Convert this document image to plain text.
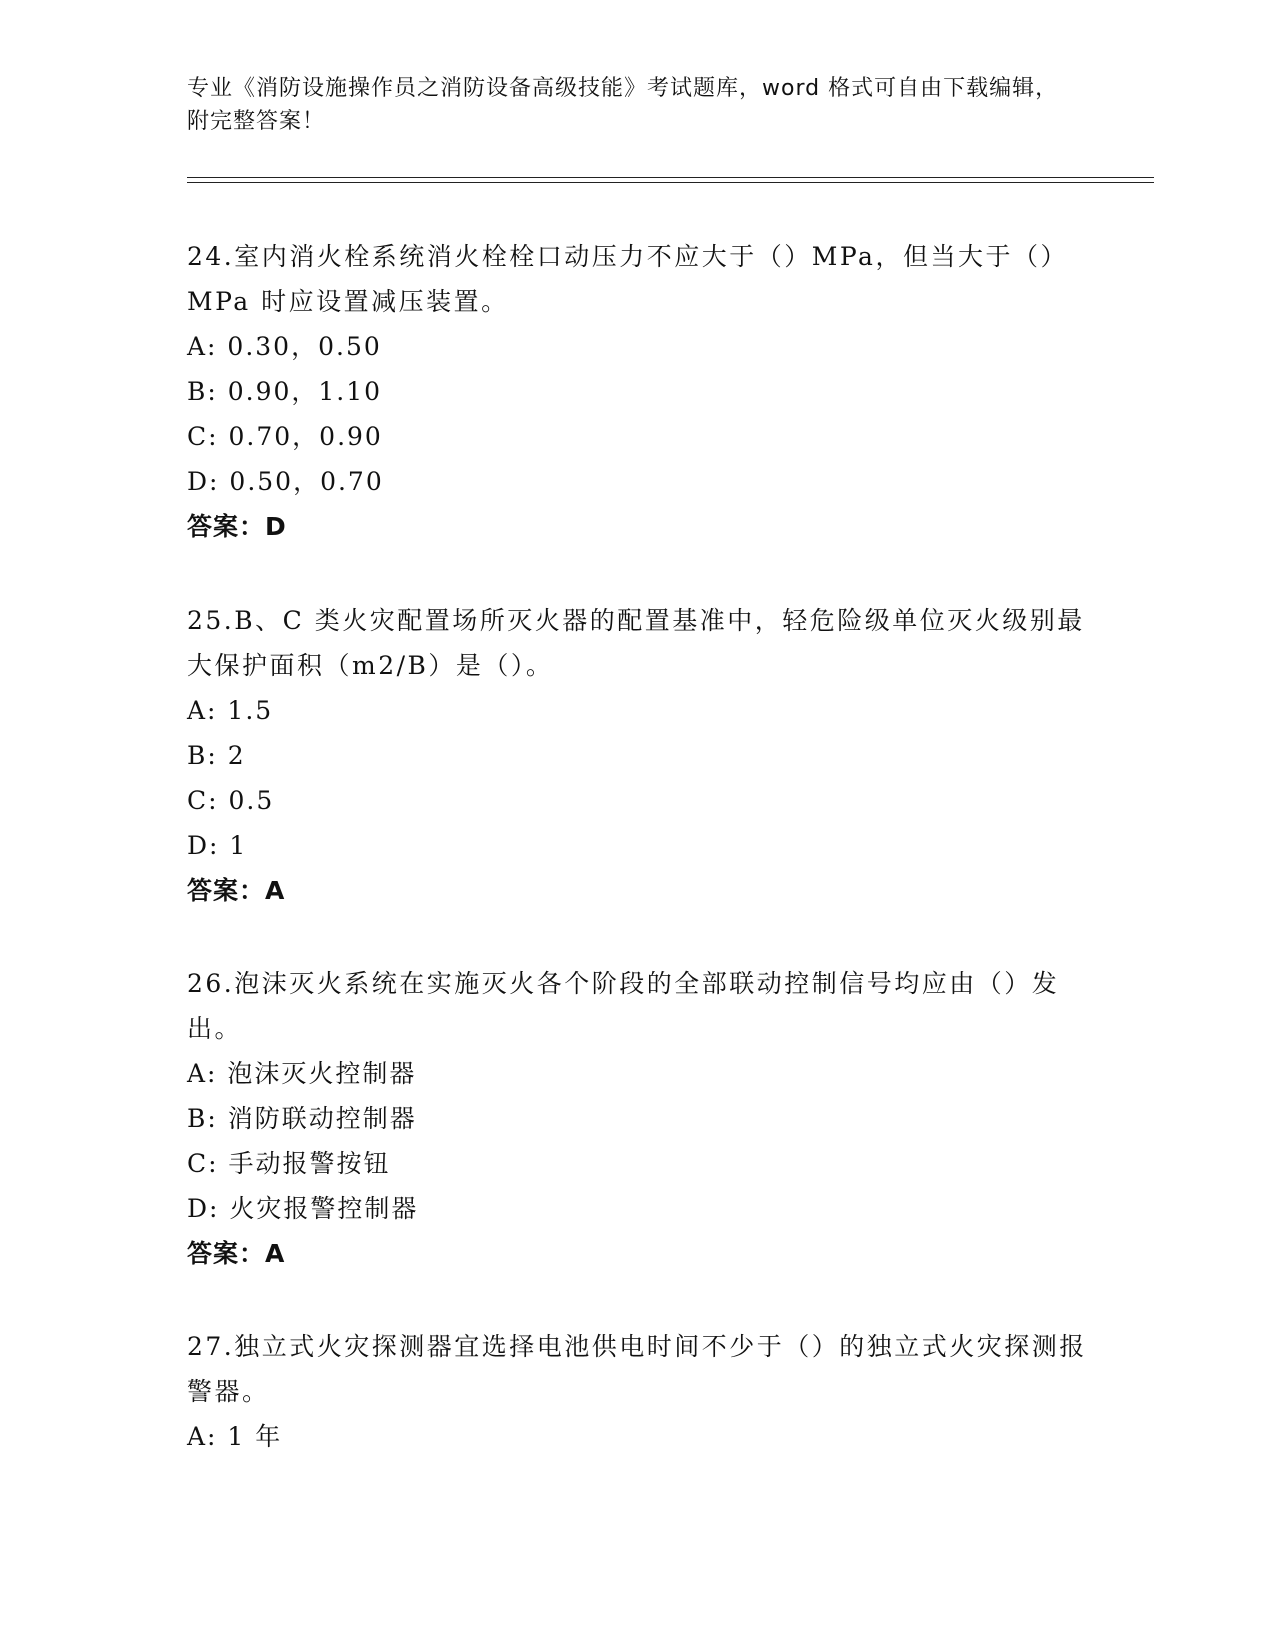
专业《消防设施操作员之消防设备高级技能》考试题库，word 格式可自由下载编辑，附完整答案！

24.室内消火栓系统消火栓栓口动压力不应大于（）MPa，但当大于（）MPa 时应设置减压装置。

A: 0.30，0.50

B: 0.90，1.10

C: 0.70，0.90

D: 0.50，0.70

答案：D

25.B、C 类火灾配置场所灭火器的配置基准中，轻危险级单位灭火级别最大保护面积（m2/B）是（）。

A: 1.5

B: 2

C: 0.5

D: 1

答案：A

26.泡沫灭火系统在实施灭火各个阶段的全部联动控制信号均应由（）发出。

A: 泡沫灭火控制器

B: 消防联动控制器

C: 手动报警按钮

D: 火灾报警控制器

答案：A

27.独立式火灾探测器宜选择电池供电时间不少于（）的独立式火灾探测报警器。

A: 1 年
